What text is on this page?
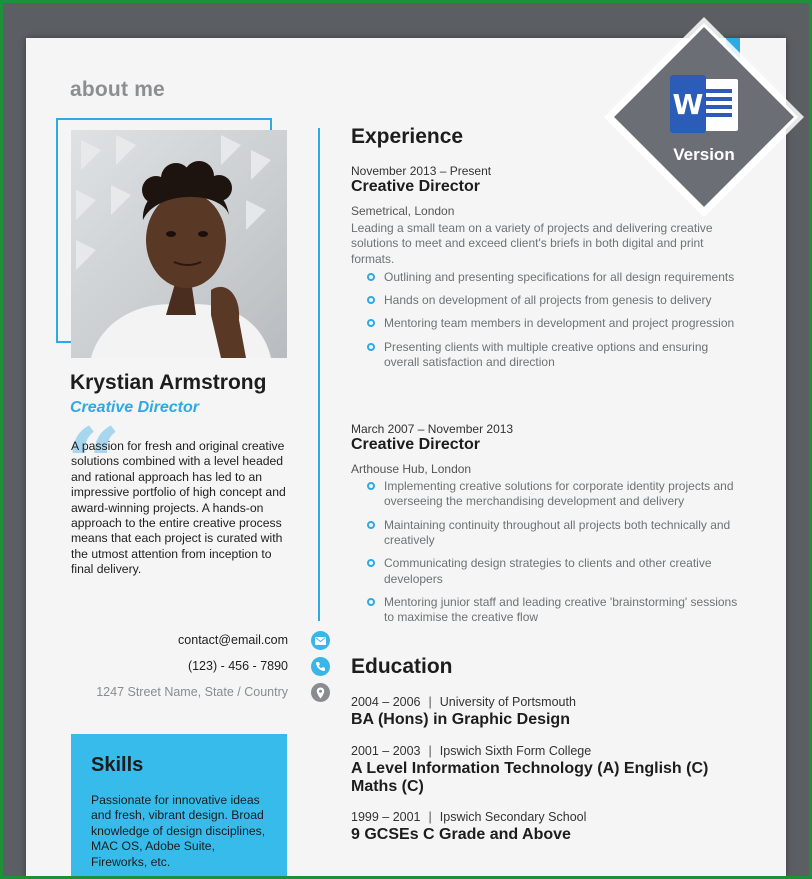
about me
Krystian Armstrong
Creative Director
“
A passion for fresh and original creative solutions combined with a level headed and rational approach has led to an impressive portfolio of high concept and award-winning projects. A hands-on approach to the entire creative process means that each project is curated with the utmost attention from inception to final delivery.
contact@email.com
(123) - 456 - 7890
1247 Street Name, State / Country
Skills

Passionate for innovative ideas and fresh, vibrant design. Broad knowledge of design disciplines, MAC OS, Adobe Suite, Fireworks, etc.

Experience
November 2013 – Present
Creative Director
Semetrical, London
Leading a small team on a variety of projects and delivering creative solutions to meet and exceed client's briefs in both digital and print formats.
Outlining and presenting specifications for all design requirements
Hands on development of all projects from genesis to delivery
Mentoring team members in development and project progression
Presenting clients with multiple creative options and ensuring overall satisfaction and direction
March 2007 – November 2013
Creative Director
Arthouse Hub, London
Implementing creative solutions for corporate identity projects and overseeing the merchandising development and delivery
Maintaining continuity throughout all projects both technically and creatively
Communicating design strategies to clients and other creative developers
Mentoring junior staff and leading creative 'brainstorming' sessions to maximise the creative flow
Education
2004 – 2006 | University of Portsmouth
BA (Hons) in Graphic Design
2001 – 2003 | Ipswich Sixth Form College
A Level Information Technology (A) English (C) Maths (C)
1999 – 2001 | Ipswich Secondary School
9 GCSEs C Grade and Above
W
Version
